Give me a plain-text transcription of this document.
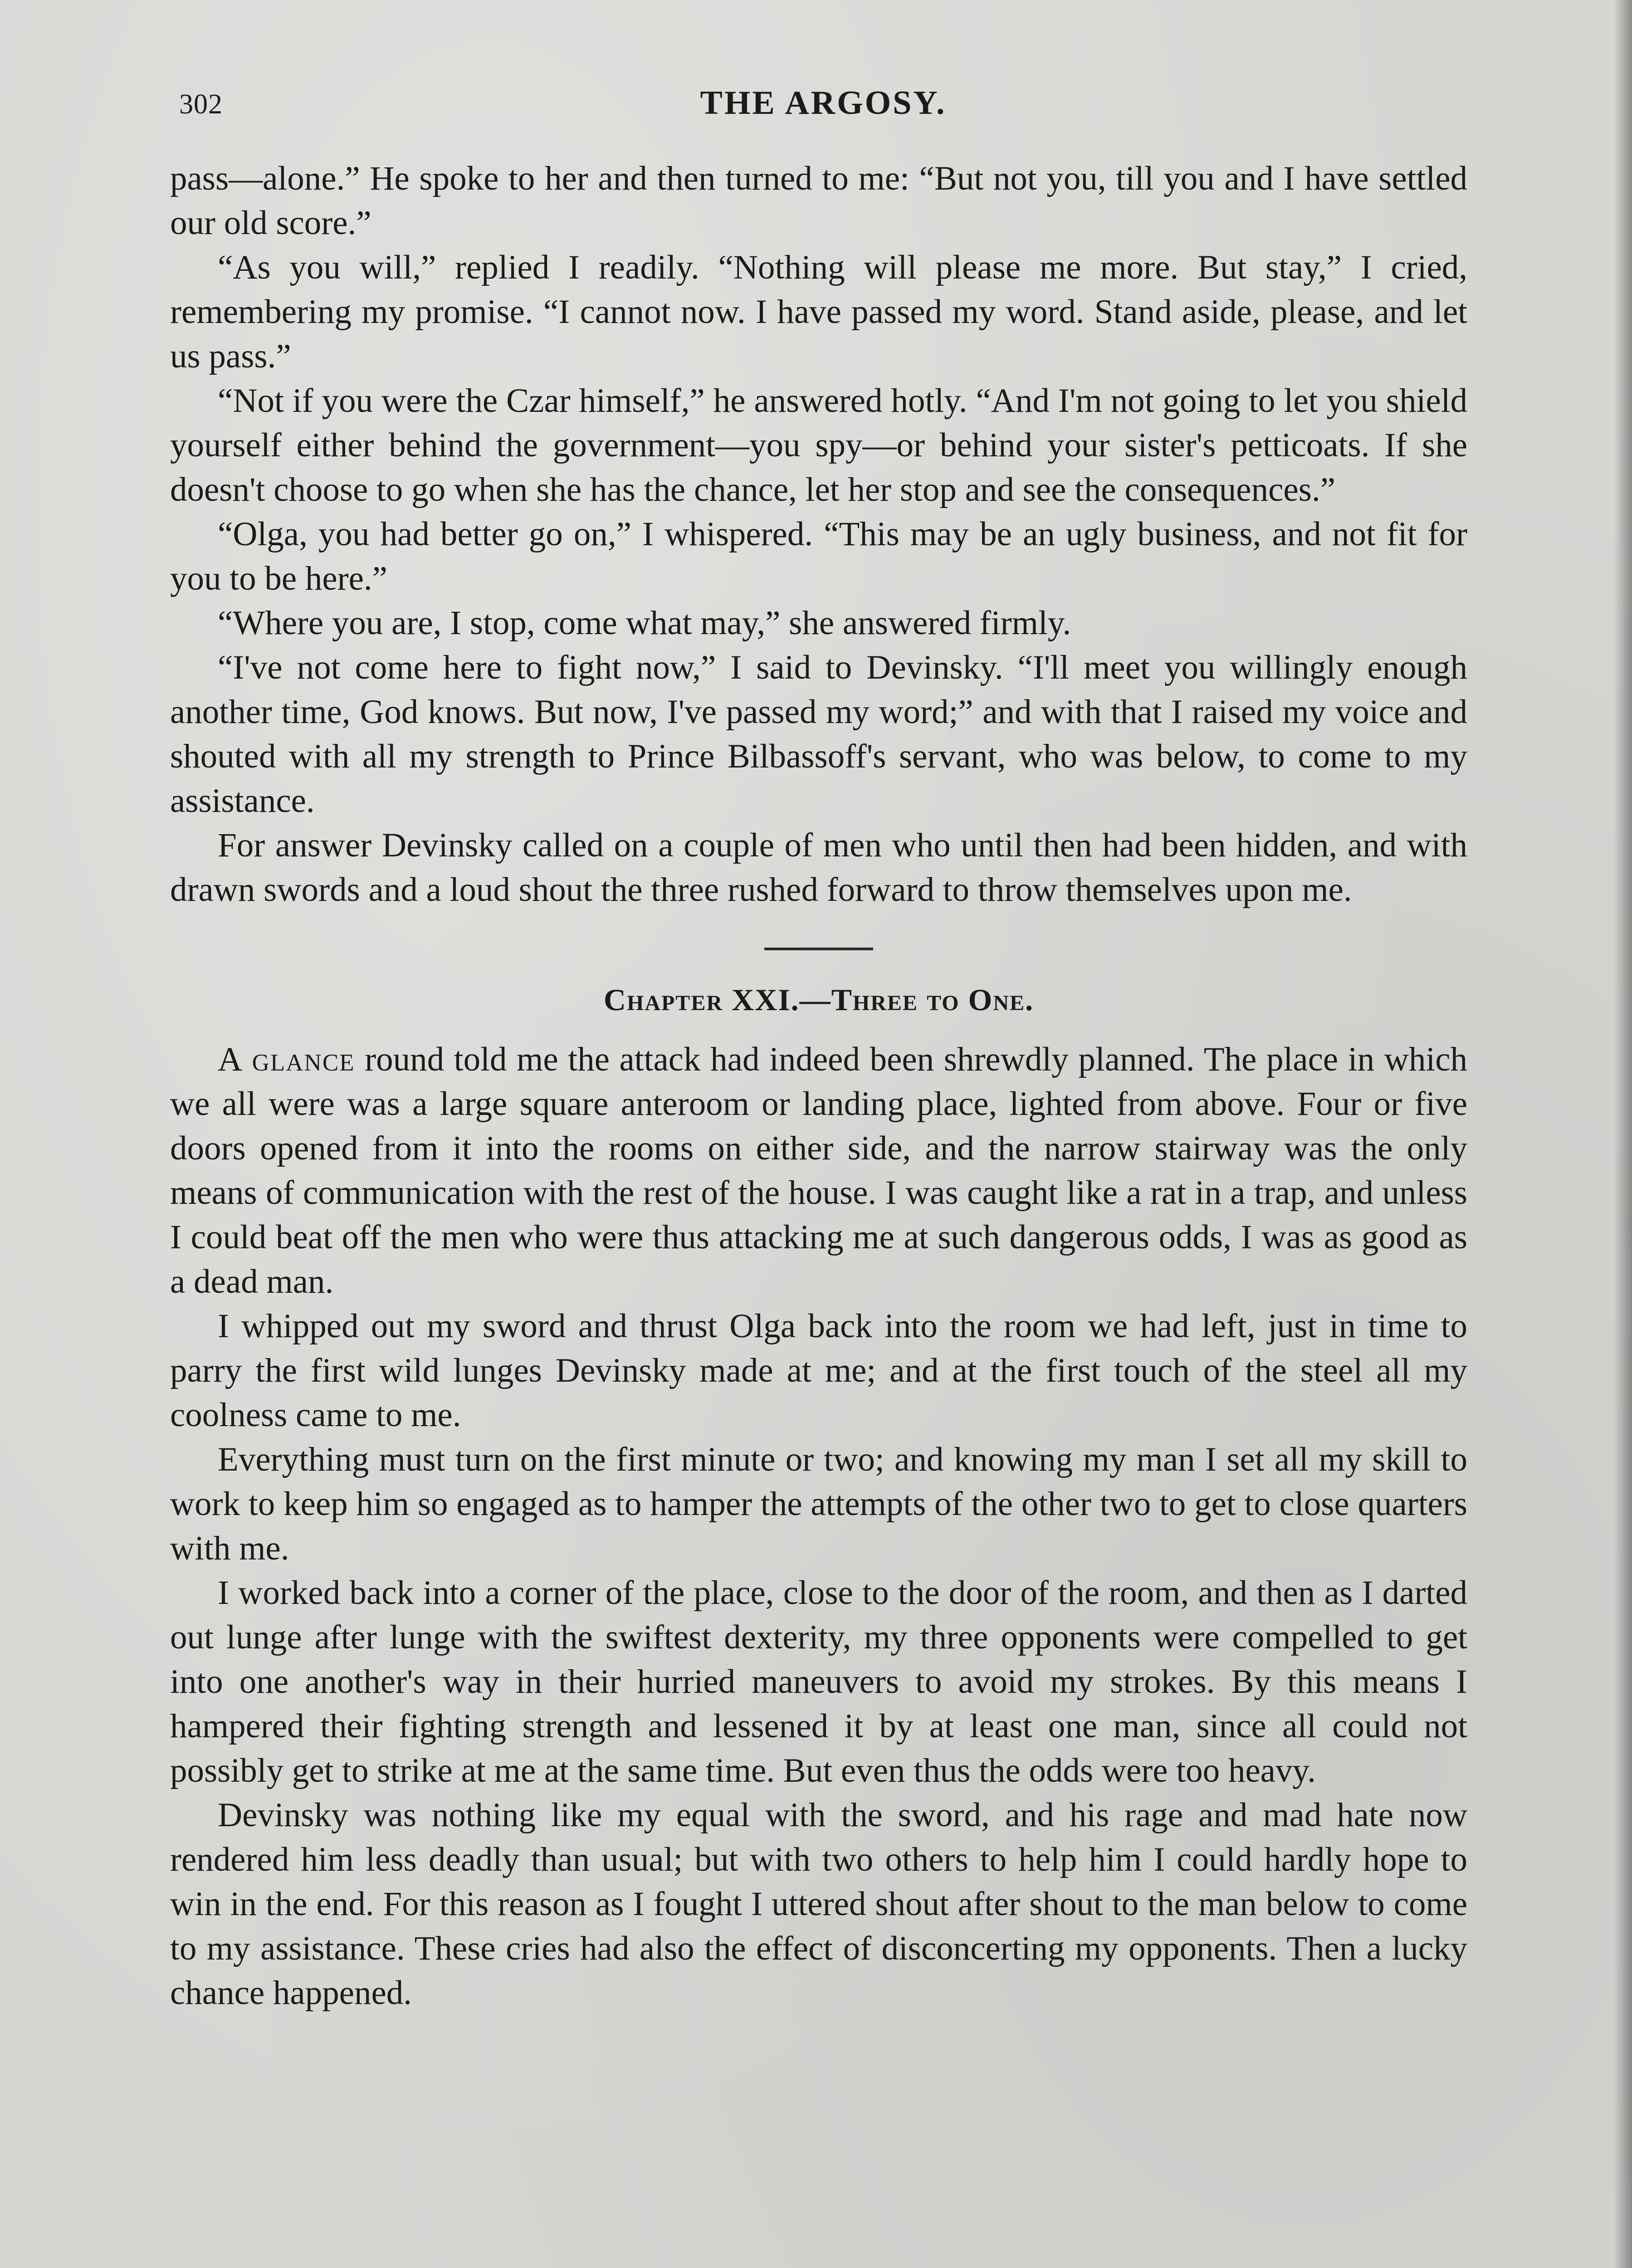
302	THE ARGOSY.

pass—alone.” He spoke to her and then turned to me: “But not you, till you and I have settled our old score.”

“As you will,” replied I readily. “Nothing will please me more. But stay,” I cried, remembering my promise. “I cannot now. I have passed my word. Stand aside, please, and let us pass.”

“Not if you were the Czar himself,” he answered hotly. “And I'm not going to let you shield yourself either behind the government—you spy—or behind your sister's petticoats. If she doesn't choose to go when she has the chance, let her stop and see the consequences.”

“Olga, you had better go on,” I whispered. “This may be an ugly business, and not fit for you to be here.”

“Where you are, I stop, come what may,” she answered firmly.

“I've not come here to fight now,” I said to Devinsky. “I'll meet you willingly enough another time, God knows. But now, I've passed my word;” and with that I raised my voice and shouted with all my strength to Prince Bilbassoff's servant, who was below, to come to my assistance.

For answer Devinsky called on a couple of men who until then had been hidden, and with drawn swords and a loud shout the three rushed forward to throw themselves upon me.

Chapter XXI.—Three to One.

A glance round told me the attack had indeed been shrewdly planned. The place in which we all were was a large square anteroom or landing place, lighted from above. Four or five doors opened from it into the rooms on either side, and the narrow stairway was the only means of communication with the rest of the house. I was caught like a rat in a trap, and unless I could beat off the men who were thus attacking me at such dangerous odds, I was as good as a dead man.

I whipped out my sword and thrust Olga back into the room we had left, just in time to parry the first wild lunges Devinsky made at me; and at the first touch of the steel all my coolness came to me.

Everything must turn on the first minute or two; and knowing my man I set all my skill to work to keep him so engaged as to hamper the attempts of the other two to get to close quarters with me.

I worked back into a corner of the place, close to the door of the room, and then as I darted out lunge after lunge with the swiftest dexterity, my three opponents were compelled to get into one another's way in their hurried maneuvers to avoid my strokes. By this means I hampered their fighting strength and lessened it by at least one man, since all could not possibly get to strike at me at the same time. But even thus the odds were too heavy.

Devinsky was nothing like my equal with the sword, and his rage and mad hate now rendered him less deadly than usual; but with two others to help him I could hardly hope to win in the end. For this reason as I fought I uttered shout after shout to the man below to come to my assistance. These cries had also the effect of disconcerting my opponents. Then a lucky chance happened.
